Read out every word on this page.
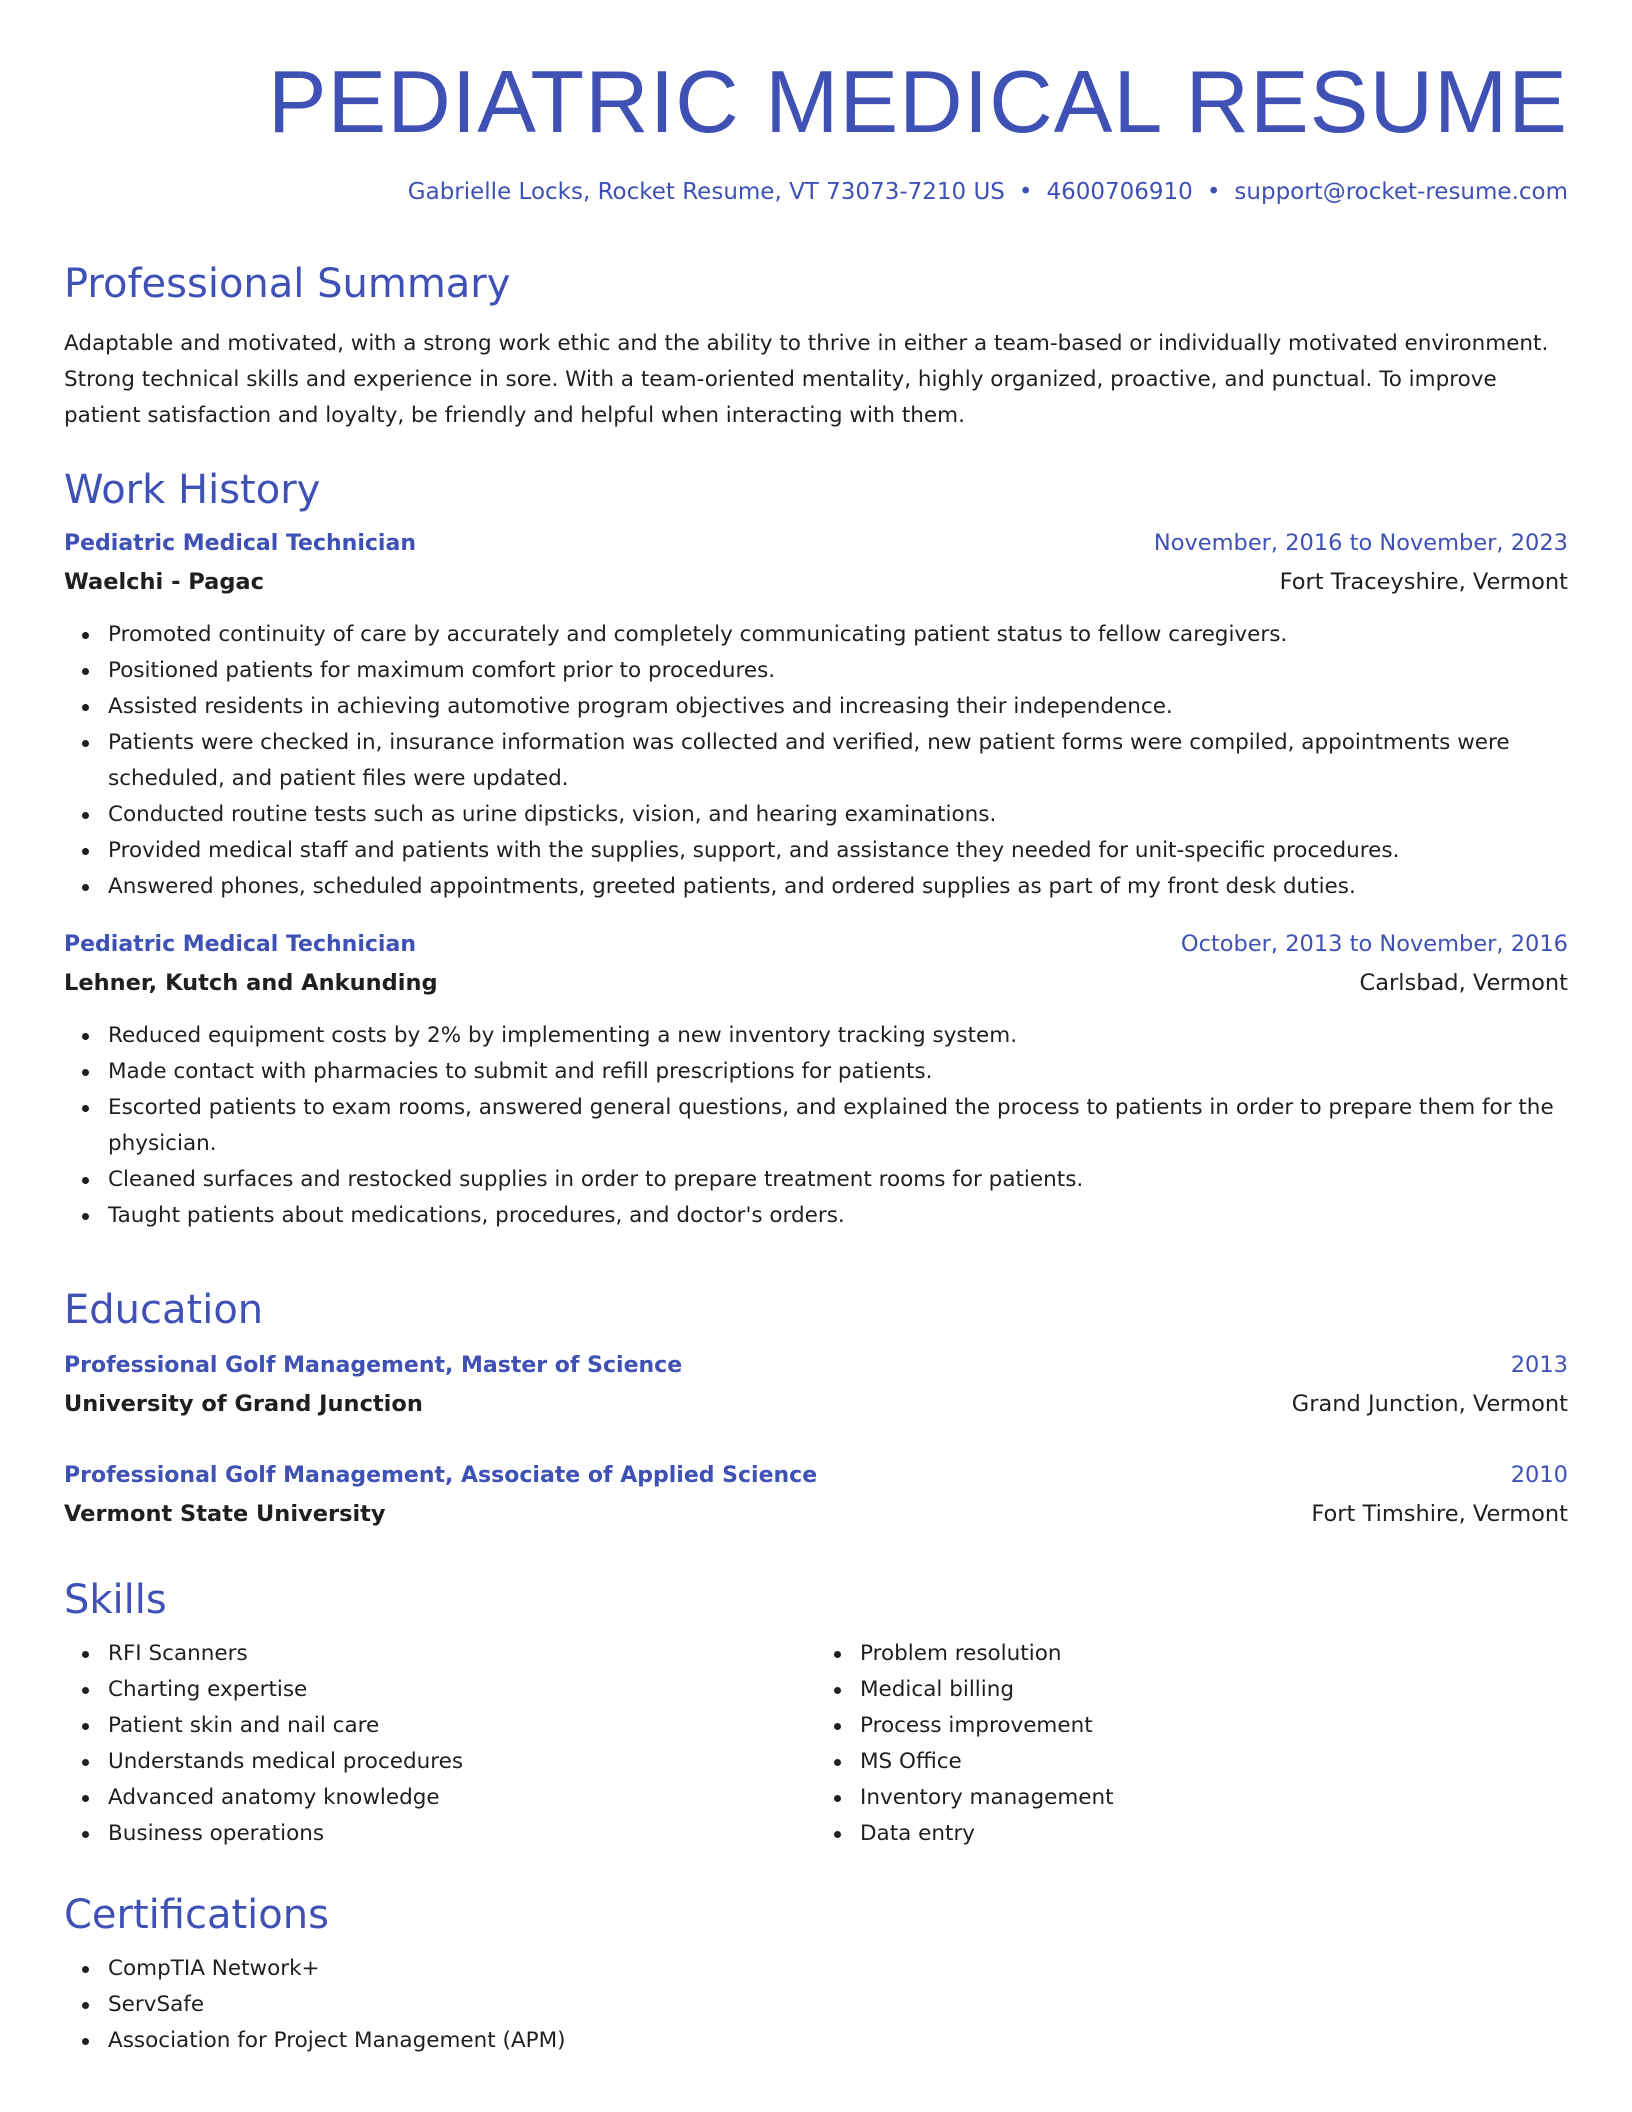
PEDIATRIC MEDICAL RESUME
Gabrielle Locks, Rocket Resume, VT 73073-7210 US • 4600706910 • support@rocket-resume.com
Professional Summary

Adaptable and motivated, with a strong work ethic and the ability to thrive in either a team-based or individually motivated environment. Strong technical skills and experience in sore. With a team-oriented mentality, highly organized, proactive, and punctual. To improve patient satisfaction and loyalty, be friendly and helpful when interacting with them.

Work History
Pediatric Medical Technician	November, 2016 to November, 2023
Waelchi - Pagac	Fort Traceyshire, Vermont
Promoted continuity of care by accurately and completely communicating patient status to fellow caregivers.
Positioned patients for maximum comfort prior to procedures.
Assisted residents in achieving automotive program objectives and increasing their independence.
Patients were checked in, insurance information was collected and verified, new patient forms were compiled, appointments were scheduled, and patient files were updated.
Conducted routine tests such as urine dipsticks, vision, and hearing examinations.
Provided medical staff and patients with the supplies, support, and assistance they needed for unit-specific procedures.
Answered phones, scheduled appointments, greeted patients, and ordered supplies as part of my front desk duties.
Pediatric Medical Technician	October, 2013 to November, 2016
Lehner, Kutch and Ankunding	Carlsbad, Vermont
Reduced equipment costs by 2% by implementing a new inventory tracking system.
Made contact with pharmacies to submit and refill prescriptions for patients.
Escorted patients to exam rooms, answered general questions, and explained the process to patients in order to prepare them for the physician.
Cleaned surfaces and restocked supplies in order to prepare treatment rooms for patients.
Taught patients about medications, procedures, and doctor's orders.
Education
Professional Golf Management, Master of Science	2013
University of Grand Junction	Grand Junction, Vermont
Professional Golf Management, Associate of Applied Science	2010
Vermont State University	Fort Timshire, Vermont
Skills
RFI Scanners
Charting expertise
Patient skin and nail care
Understands medical procedures
Advanced anatomy knowledge
Business operations
Problem resolution
Medical billing
Process improvement
MS Office
Inventory management
Data entry
Certifications
CompTIA Network+
ServSafe
Association for Project Management (APM)
